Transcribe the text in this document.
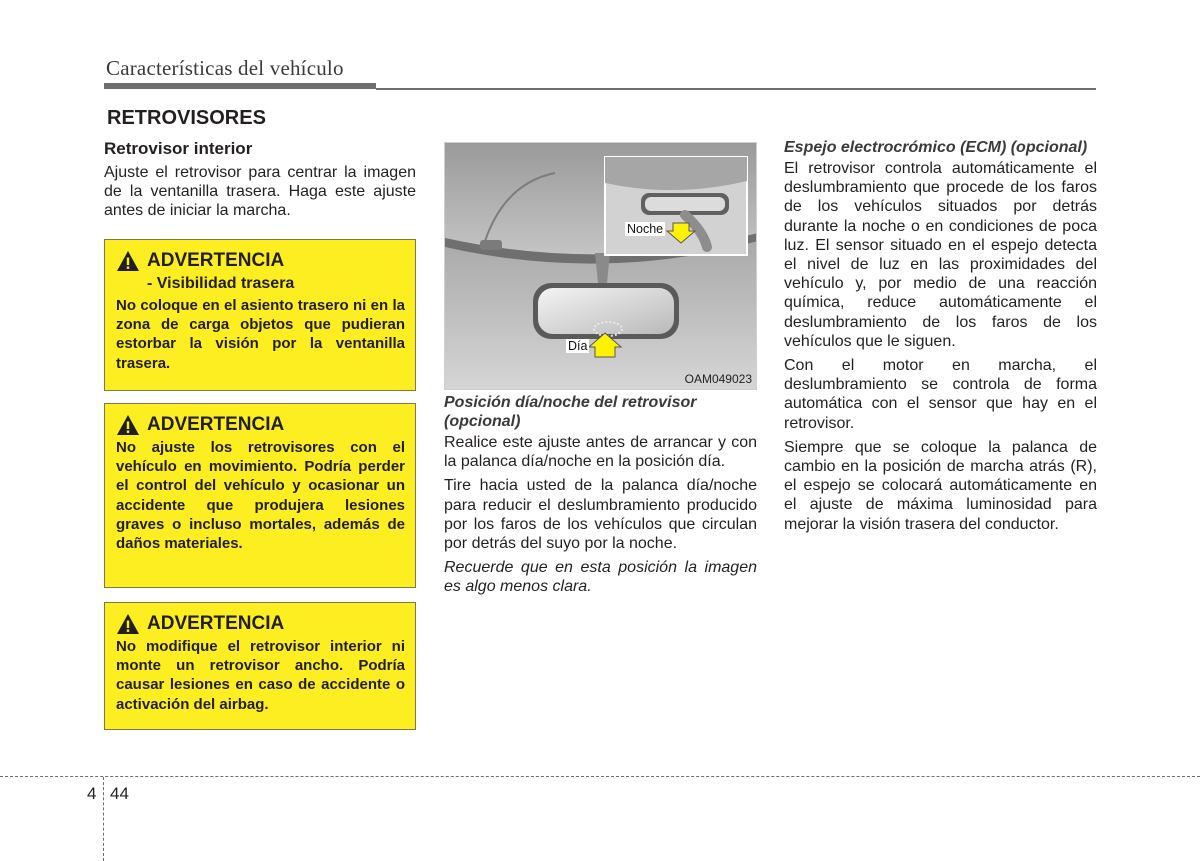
Características del vehículo
RETROVISORES
Retrovisor interior
Ajuste el retrovisor para centrar la imagen de la ventanilla trasera. Haga este ajuste antes de iniciar la marcha.
ADVERTENCIA
- Visibilidad trasera
No coloque en el asiento trasero ni en la zona de carga objetos que pudieran estorbar la visión por la ventanilla trasera.
ADVERTENCIA
No ajuste los retrovisores con el vehículo en movimiento. Podría perder el control del vehículo y ocasionar un accidente que produjera lesiones graves o incluso mortales, además de daños materiales.
ADVERTENCIA
No modifique el retrovisor interior ni monte un retrovisor ancho. Podría causar lesiones en caso de accidente o activación del airbag.
Noche
Día
OAM049023
Posición día/noche del retrovisor (opcional)
Realice este ajuste antes de arrancar y con la palanca día/noche en la posición día.
Tire hacia usted de la palanca día/noche para reducir el deslumbramiento producido por los faros de los vehículos que circulan por detrás del suyo por la noche.
Recuerde que en esta posición la imagen es algo menos clara.
Espejo electrocrómico (ECM) (opcional)
El retrovisor controla automáticamente el deslumbramiento que procede de los faros de los vehículos situados por detrás durante la noche o en condiciones de poca luz. El sensor situado en el espejo detecta el nivel de luz en las proximidades del vehículo y, por medio de una reacción química, reduce automáticamente el deslumbramiento de los faros de los vehículos que le siguen.
Con el motor en marcha, el deslumbramiento se controla de forma automática con el sensor que hay en el retrovisor.
Siempre que se coloque la palanca de cambio en la posición de marcha atrás (R), el espejo se colocará automáticamente en el ajuste de máxima luminosidad para mejorar la visión trasera del conductor.
4 44
